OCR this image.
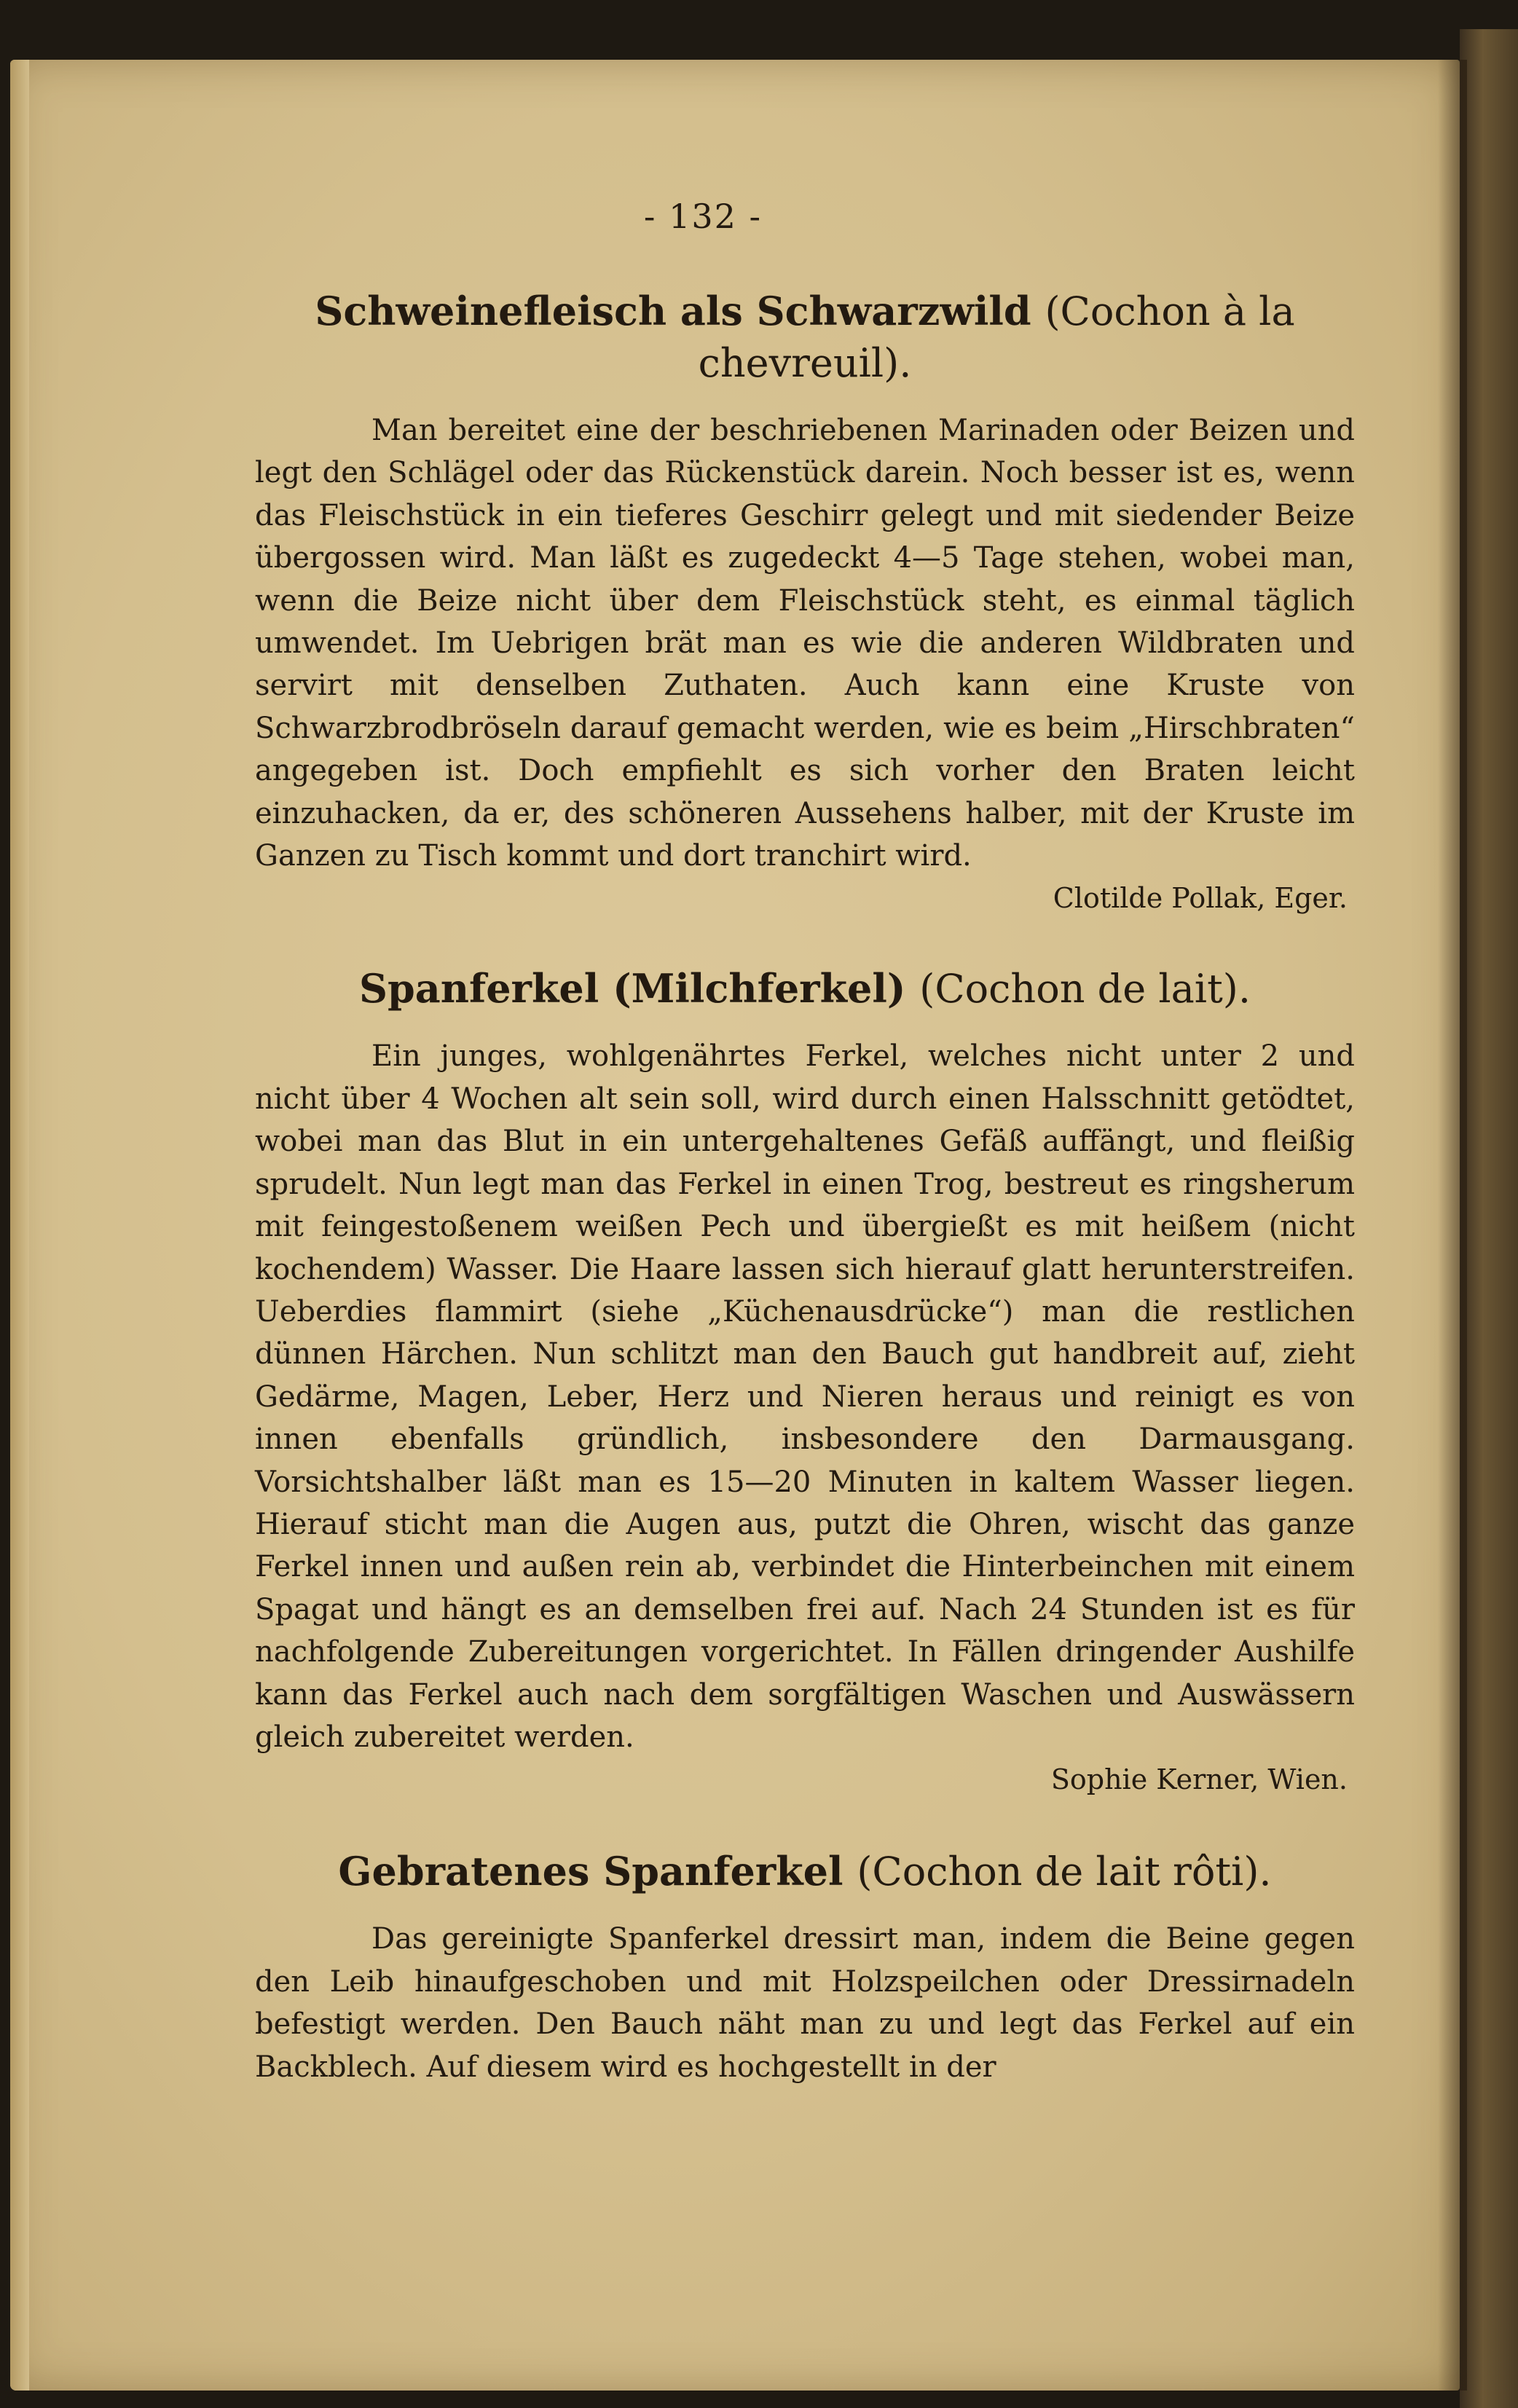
- 132 -
Schweinefleisch als Schwarzwild (Cochon à la chevreuil).

Man bereitet eine der beschriebenen Marinaden oder Beizen und legt den Schlägel oder das Rückenstück darein. Noch besser ist es, wenn das Fleischstück in ein tieferes Geschirr gelegt und mit siedender Beize übergossen wird. Man läßt es zugedeckt 4—5 Tage stehen, wobei man, wenn die Beize nicht über dem Fleischstück steht, es einmal täglich umwendet. Im Uebrigen brät man es wie die anderen Wildbraten und servirt mit denselben Zuthaten. Auch kann eine Kruste von Schwarzbrodbröseln darauf gemacht werden, wie es beim „Hirschbraten“ angegeben ist. Doch empfiehlt es sich vorher den Braten leicht einzuhacken, da er, des schöneren Aussehens halber, mit der Kruste im Ganzen zu Tisch kommt und dort tranchirt wird.

Clotilde Pollak, Eger.

Spanferkel (Milchferkel) (Cochon de lait).

Ein junges, wohlgenährtes Ferkel, welches nicht unter 2 und nicht über 4 Wochen alt sein soll, wird durch einen Halsschnitt getödtet, wobei man das Blut in ein untergehaltenes Gefäß auffängt, und fleißig sprudelt. Nun legt man das Ferkel in einen Trog, bestreut es ringsherum mit feingestoßenem weißen Pech und übergießt es mit heißem (nicht kochendem) Wasser. Die Haare lassen sich hierauf glatt herunterstreifen. Ueberdies flammirt (siehe „Küchenausdrücke“) man die restlichen dünnen Härchen. Nun schlitzt man den Bauch gut handbreit auf, zieht Gedärme, Magen, Leber, Herz und Nieren heraus und reinigt es von innen ebenfalls gründlich, insbesondere den Darmausgang. Vorsichtshalber läßt man es 15—20 Minuten in kaltem Wasser liegen. Hierauf sticht man die Augen aus, putzt die Ohren, wischt das ganze Ferkel innen und außen rein ab, verbindet die Hinterbeinchen mit einem Spagat und hängt es an demselben frei auf. Nach 24 Stunden ist es für nachfolgende Zubereitungen vorgerichtet. In Fällen dringender Aushilfe kann das Ferkel auch nach dem sorgfältigen Waschen und Auswässern gleich zubereitet werden.

Sophie Kerner, Wien.

Gebratenes Spanferkel (Cochon de lait rôti).

Das gereinigte Spanferkel dressirt man, indem die Beine gegen den Leib hinaufgeschoben und mit Holzspeilchen oder Dressirnadeln befestigt werden. Den Bauch näht man zu und legt das Ferkel auf ein Backblech. Auf diesem wird es hochgestellt in der
